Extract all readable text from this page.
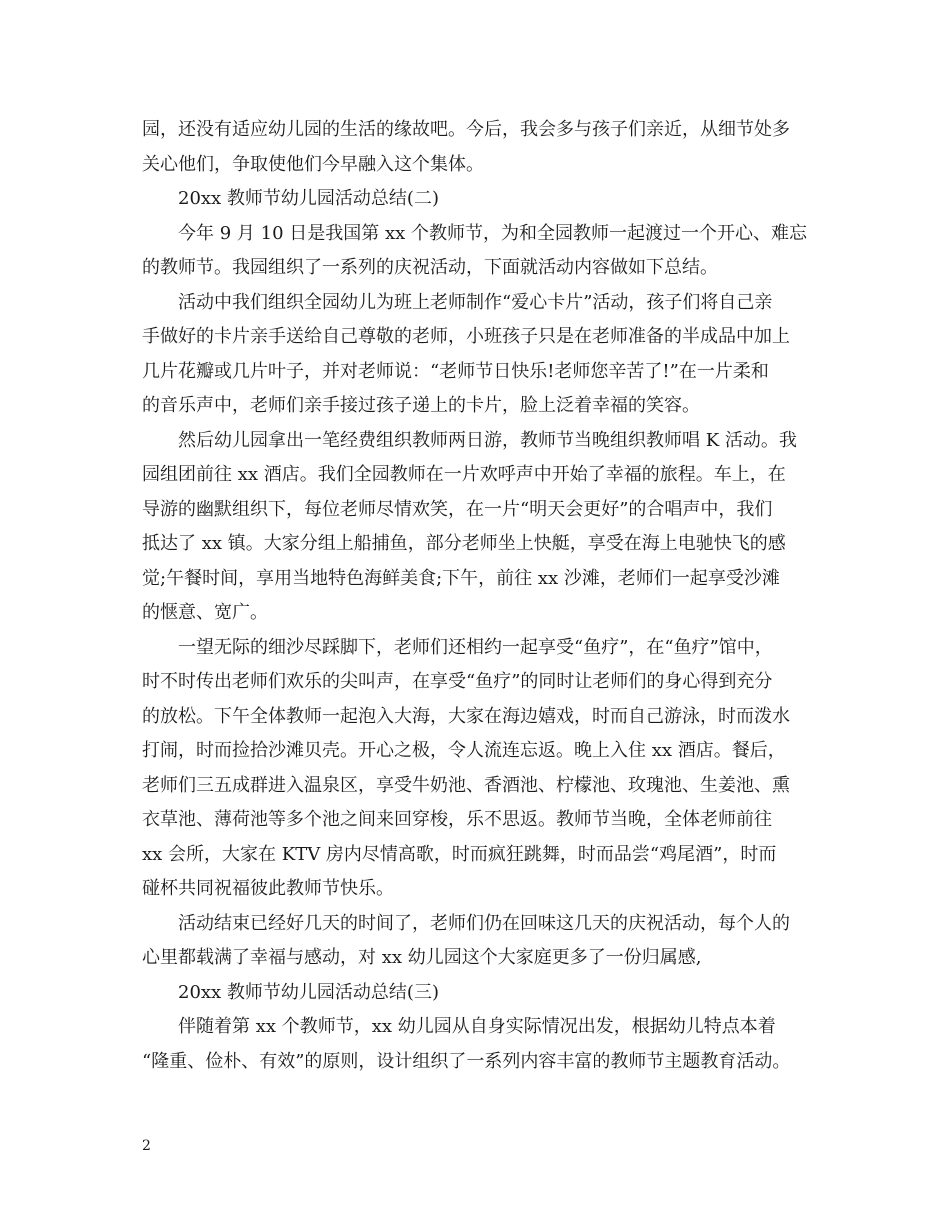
园，还没有适应幼儿园的生活的缘故吧。今后，我会多与孩子们亲近，从细节处多
关心他们，争取使他们今早融入这个集体。
20xx 教师节幼儿园活动总结(二)
今年 9 月 10 日是我国第 xx 个教师节，为和全园教师一起渡过一个开心、难忘
的教师节。我园组织了一系列的庆祝活动，下面就活动内容做如下总结。
活动中我们组织全园幼儿为班上老师制作“爱心卡片”活动，孩子们将自己亲
手做好的卡片亲手送给自己尊敬的老师，小班孩子只是在老师准备的半成品中加上
几片花瓣或几片叶子，并对老师说：“老师节日快乐!老师您辛苦了!”在一片柔和
的音乐声中，老师们亲手接过孩子递上的卡片，脸上泛着幸福的笑容。
然后幼儿园拿出一笔经费组织教师两日游，教师节当晚组织教师唱 K 活动。我
园组团前往 xx 酒店。我们全园教师在一片欢呼声中开始了幸福的旅程。车上，在
导游的幽默组织下，每位老师尽情欢笑，在一片“明天会更好”的合唱声中，我们
抵达了 xx 镇。大家分组上船捕鱼，部分老师坐上快艇，享受在海上电驰快飞的感
觉;午餐时间，享用当地特色海鲜美食;下午，前往 xx 沙滩，老师们一起享受沙滩
的惬意、宽广。
一望无际的细沙尽踩脚下，老师们还相约一起享受“鱼疗”，在“鱼疗”馆中，
时不时传出老师们欢乐的尖叫声，在享受“鱼疗”的同时让老师们的身心得到充分
的放松。下午全体教师一起泡入大海，大家在海边嬉戏，时而自己游泳，时而泼水
打闹，时而捡拾沙滩贝壳。开心之极，令人流连忘返。晚上入住 xx 酒店。餐后，
老师们三五成群进入温泉区，享受牛奶池、香酒池、柠檬池、玫瑰池、生姜池、熏
衣草池、薄荷池等多个池之间来回穿梭，乐不思返。教师节当晚，全体老师前往
xx 会所，大家在 KTV 房内尽情高歌，时而疯狂跳舞，时而品尝“鸡尾酒”，时而
碰杯共同祝福彼此教师节快乐。
活动结束已经好几天的时间了，老师们仍在回味这几天的庆祝活动，每个人的
心里都载满了幸福与感动，对 xx 幼儿园这个大家庭更多了一份归属感,
20xx 教师节幼儿园活动总结(三)
伴随着第 xx 个教师节，xx 幼儿园从自身实际情况出发，根据幼儿特点本着
“隆重、俭朴、有效”的原则，设计组织了一系列内容丰富的教师节主题教育活动。
2
